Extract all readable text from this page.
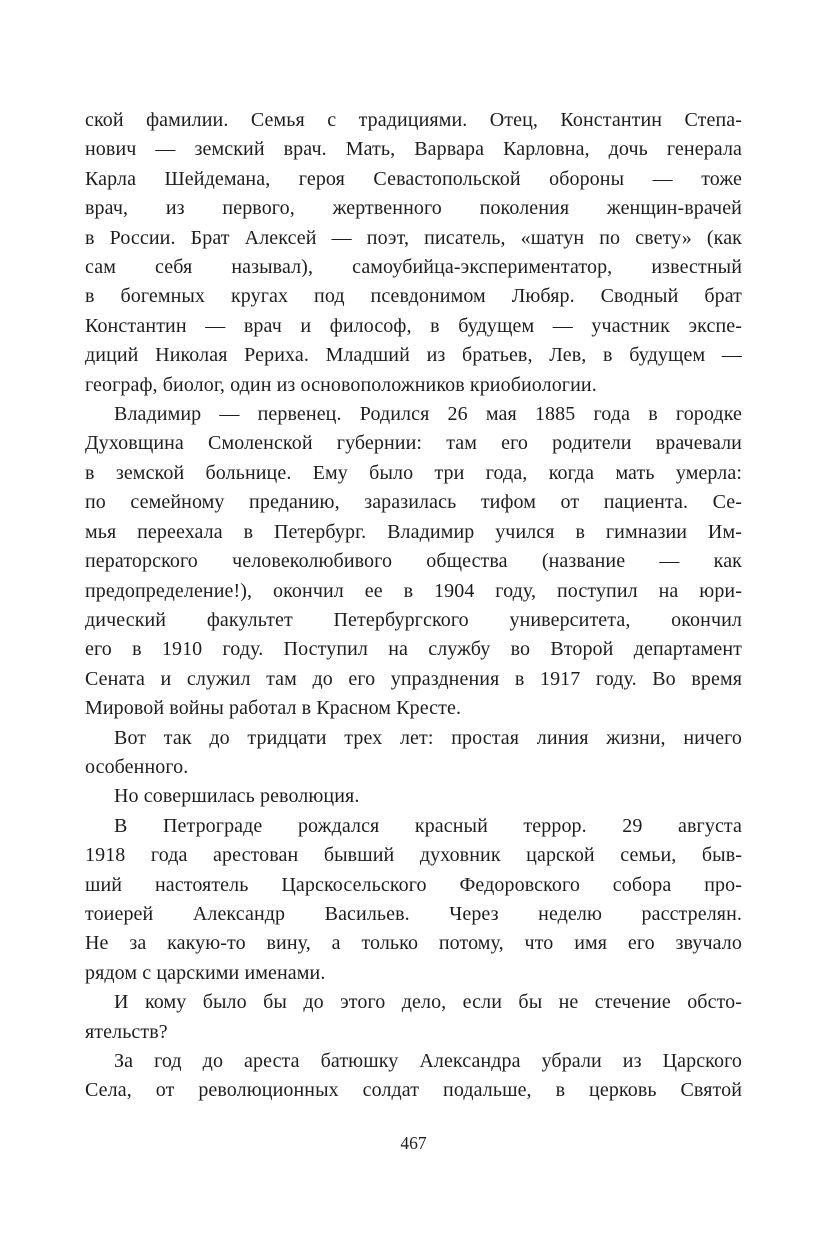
ской фамилии. Семья с традициями. Отец, Константин Степа-
нович — земский врач. Мать, Варвара Карловна, дочь генерала
Карла Шейдемана, героя Севастопольской обороны — тоже
врач, из первого, жертвенного поколения женщин-врачей
в России. Брат Алексей — поэт, писатель, «шатун по свету» (как
сам себя называл), самоубийца-экспериментатор, известный
в богемных кругах под псевдонимом Любяр. Сводный брат
Константин — врач и философ, в будущем — участник экспе-
диций Николая Рериха. Младший из братьев, Лев, в будущем —
географ, биолог, один из основоположников криобиологии.
Владимир — первенец. Родился 26 мая 1885 года в городке
Духовщина Смоленской губернии: там его родители врачевали
в земской больнице. Ему было три года, когда мать умерла:
по семейному преданию, заразилась тифом от пациента. Се-
мья переехала в Петербург. Владимир учился в гимназии Им-
ператорского человеколюбивого общества (название — как
предопределение!), окончил ее в 1904 году, поступил на юри-
дический факультет Петербургского университета, окончил
его в 1910 году. Поступил на службу во Второй департамент
Сената и служил там до его упразднения в 1917 году. Во время
Мировой войны работал в Красном Кресте.
Вот так до тридцати трех лет: простая линия жизни, ничего
особенного.
Но совершилась революция.
В Петрограде рождался красный террор. 29 августа
1918 года арестован бывший духовник царской семьи, быв-
ший настоятель Царскосельского Федоровского собора про-
тоиерей Александр Васильев. Через неделю расстрелян.
Не за какую-то вину, а только потому, что имя его звучало
рядом с царскими именами.
И кому было бы до этого дело, если бы не стечение обсто-
ятельств?
За год до ареста батюшку Александра убрали из Царского
Села, от революционных солдат подальше, в церковь Святой
467
